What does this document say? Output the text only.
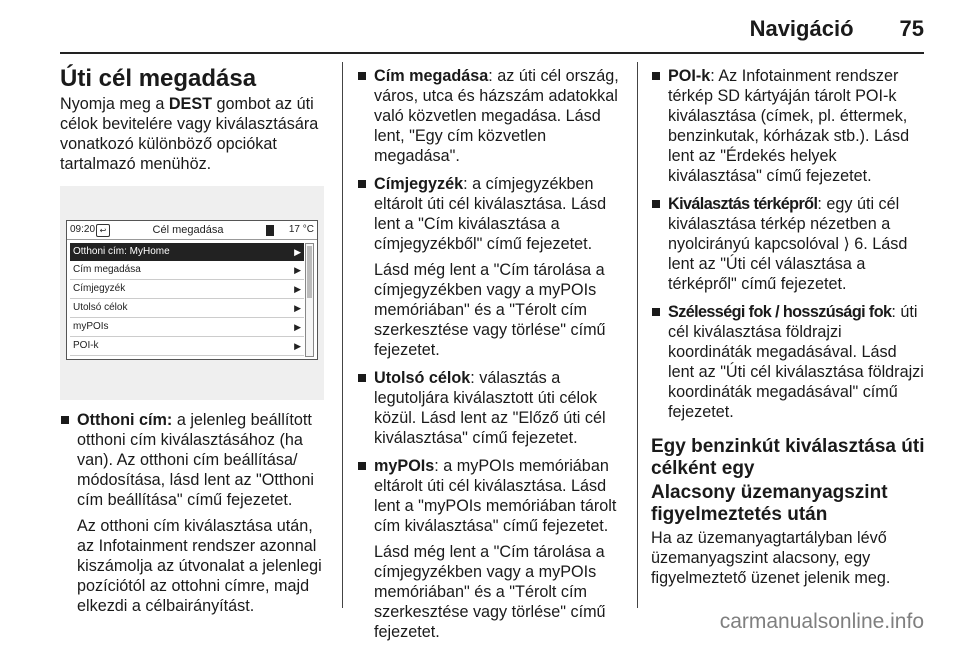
Navigáció 75
Úti cél megadása

Nyomja meg a DEST gombot az úti célok bevitelére vagy kiválasztására vonatkozó különböző opciókat tartalmazó menühöz.

09:20 ↩	Cél megadása	17 °C
Otthoni cím: MyHome	▶
Cím megadása	▶
Címjegyzék	▶
Utolsó célok	▶
myPOIs	▶
POI-k	▶
Otthoni cím: a jelenleg beállított otthoni cím kiválasztásához (ha van). Az otthoni cím beállítása/ módosítása, lásd lent az "Otthoni cím beállítása" című fejezetet.

Az otthoni cím kiválasztása után, az Infotainment rendszer azonnal kiszámolja az útvonalat a jelenlegi pozíciótól az ottohni címre, majd elkezdi a célbairányítást.

Cím megadása: az úti cél ország, város, utca és házszám adatokkal való közvetlen megadása. Lásd lent, "Egy cím közvetlen megadása".
Címjegyzék: a címjegyzékben eltárolt úti cél kiválasztása. Lásd lent a "Cím kiválasztása a címjegyzékből" című fejezetet.

Lásd még lent a "Cím tárolása a címjegyzékben vagy a myPOIs memóriában" és a "Térolt cím szerkesztése vagy törlése" című fejezetet.

Utolsó célok: választás a legutoljára kiválasztott úti célok közül. Lásd lent az "Előző úti cél kiválasztása" című fejezetet.
myPOIs: a myPOIs memóriában eltárolt úti cél kiválasztása. Lásd lent a "myPOIs memóriában tárolt cím kiválasztása" című fejezetet.

Lásd még lent a "Cím tárolása a címjegyzékben vagy a myPOIs memóriában" és a "Térolt cím szerkesztése vagy törlése" című fejezetet.

POI-k: Az Infotainment rendszer térkép SD kártyáján tárolt POI-k kiválasztása (címek, pl. éttermek, benzinkutak, kórházak stb.). Lásd lent az "Érdekés helyek kiválasztása" című fejezetet.
Kiválasztás térképről: egy úti cél kiválasztása térkép nézetben a nyolcirányú kapcsolóval ⟩ 6. Lásd lent az "Úti cél választása a térképről" című fejezetet.
Szélességi fok / hosszúsági fok: úti cél kiválasztása földrajzi koordináták megadásával. Lásd lent az "Úti cél kiválasztása földrajzi koordináták megadásával" című fejezetet.
Egy benzinkút kiválasztása úti célként egy
Alacsony üzemanyagszint figyelmeztetés után

Ha az üzemanyagtartályban lévő üzemanyagszint alacsony, egy figyelmeztető üzenet jelenik meg.

carmanualsonline.info
